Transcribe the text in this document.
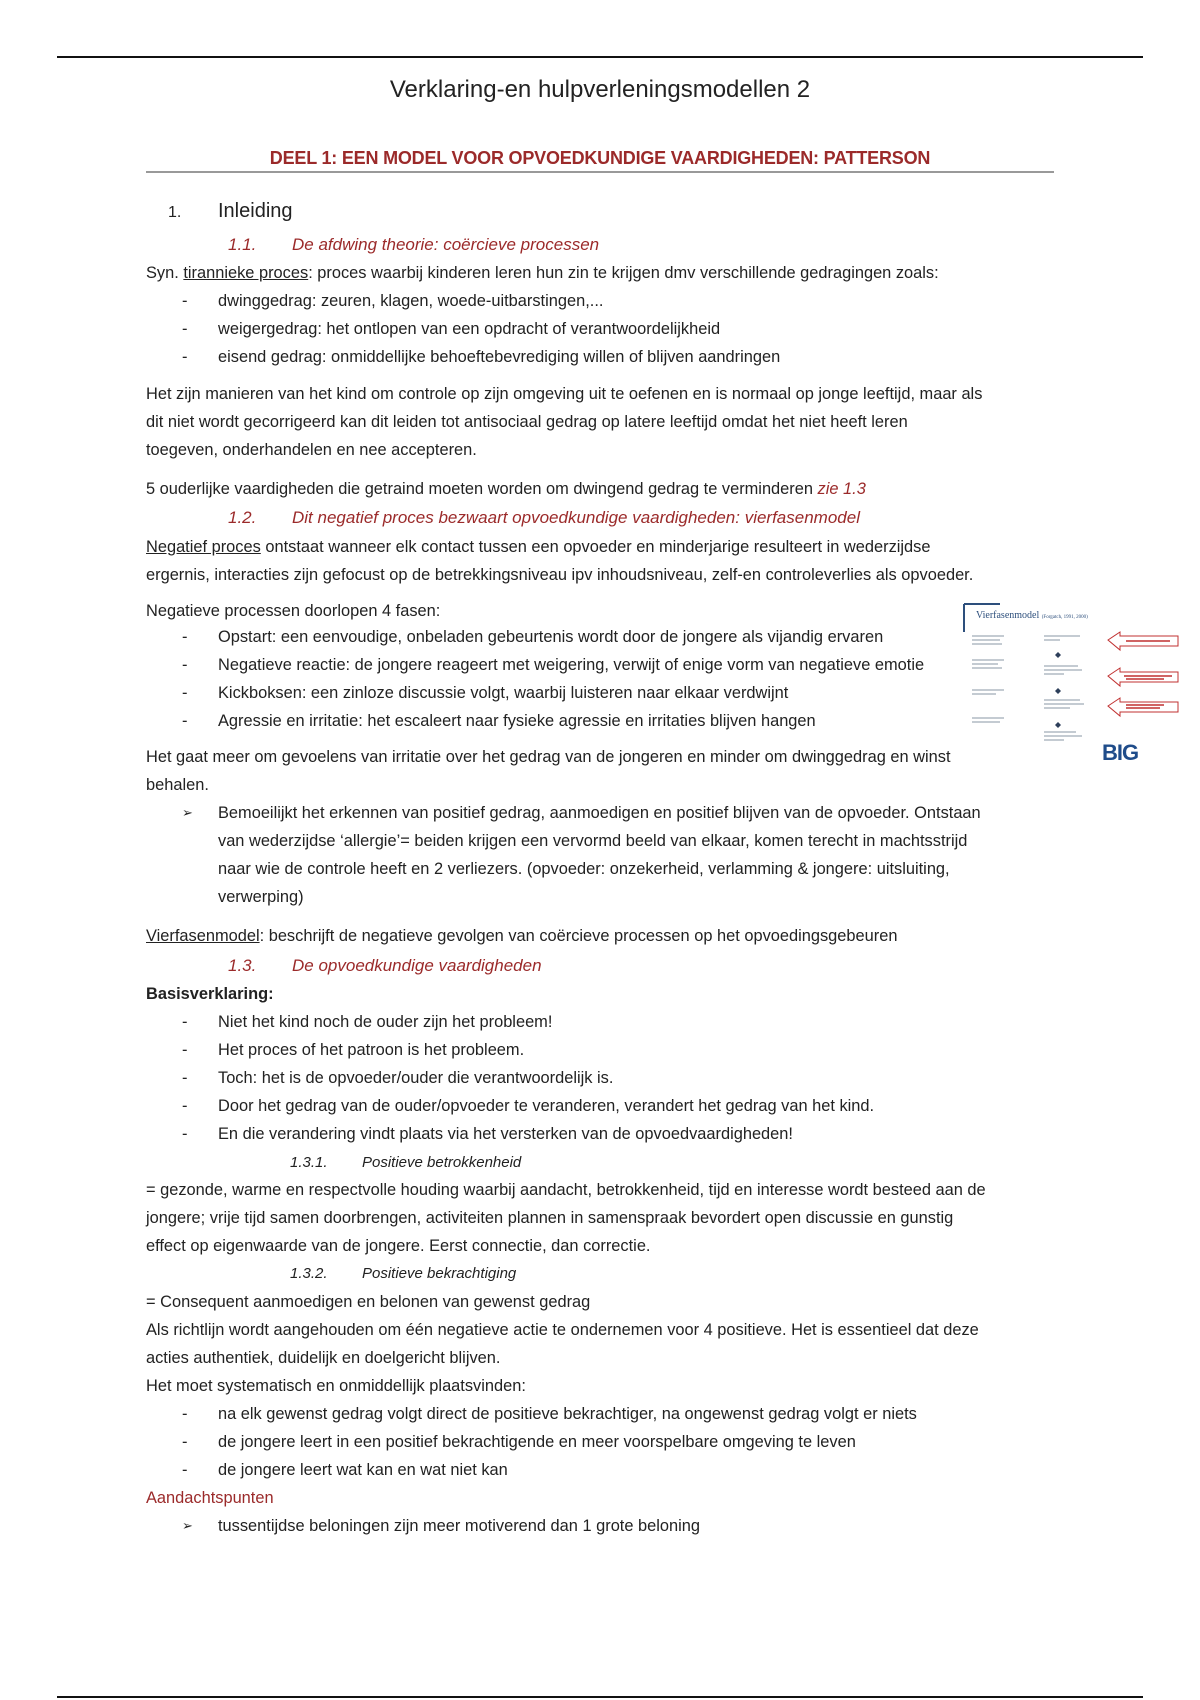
Verklaring-en hulpverleningsmodellen 2
DEEL 1: EEN MODEL VOOR OPVOEDKUNDIGE VAARDIGHEDEN: PATTERSON
1. Inleiding
1.1. De afdwing theorie: coërcieve processen
Syn. tirannieke proces: proces waarbij kinderen leren hun zin te krijgen dmv verschillende gedragingen zoals:
- dwinggedrag: zeuren, klagen, woede-uitbarstingen,...
- weigergedrag: het ontlopen van een opdracht of verantwoordelijkheid
- eisend gedrag: onmiddellijke behoeftebevrediging willen of blijven aandringen
Het zijn manieren van het kind om controle op zijn omgeving uit te oefenen en is normaal op jonge leeftijd, maar als
dit niet wordt gecorrigeerd kan dit leiden tot antisociaal gedrag op latere leeftijd omdat het niet heeft leren
toegeven, onderhandelen en nee accepteren.
5 ouderlijke vaardigheden die getraind moeten worden om dwingend gedrag te verminderen zie 1.3
1.2. Dit negatief proces bezwaart opvoedkundige vaardigheden: vierfasenmodel
Negatief proces ontstaat wanneer elk contact tussen een opvoeder en minderjarige resulteert in wederzijdse
ergernis, interacties zijn gefocust op de betrekkingsniveau ipv inhoudsniveau, zelf-en controleverlies als opvoeder.
Negatieve processen doorlopen 4 fasen:
- Opstart: een eenvoudige, onbeladen gebeurtenis wordt door de jongere als vijandig ervaren
- Negatieve reactie: de jongere reageert met weigering, verwijt of enige vorm van negatieve emotie
- Kickboksen: een zinloze discussie volgt, waarbij luisteren naar elkaar verdwijnt
- Agressie en irritatie: het escaleert naar fysieke agressie en irritaties blijven hangen
Vierfasenmodel (Forgatch, 1991, 2000)
BIG
Het gaat meer om gevoelens van irritatie over het gedrag van de jongeren en minder om dwinggedrag en winst
behalen.
➢ Bemoeilijkt het erkennen van positief gedrag, aanmoedigen en positief blijven van de opvoeder. Ontstaan
van wederzijdse ‘allergie’= beiden krijgen een vervormd beeld van elkaar, komen terecht in machtsstrijd
naar wie de controle heeft en 2 verliezers. (opvoeder: onzekerheid, verlamming & jongere: uitsluiting,
verwerping)
Vierfasenmodel: beschrijft de negatieve gevolgen van coërcieve processen op het opvoedingsgebeuren
1.3. De opvoedkundige vaardigheden
Basisverklaring:
- Niet het kind noch de ouder zijn het probleem!
- Het proces of het patroon is het probleem.
- Toch: het is de opvoeder/ouder die verantwoordelijk is.
- Door het gedrag van de ouder/opvoeder te veranderen, verandert het gedrag van het kind.
- En die verandering vindt plaats via het versterken van de opvoedvaardigheden!
1.3.1. Positieve betrokkenheid
= gezonde, warme en respectvolle houding waarbij aandacht, betrokkenheid, tijd en interesse wordt besteed aan de
jongere; vrije tijd samen doorbrengen, activiteiten plannen in samenspraak bevordert open discussie en gunstig
effect op eigenwaarde van de jongere. Eerst connectie, dan correctie.
1.3.2. Positieve bekrachtiging
= Consequent aanmoedigen en belonen van gewenst gedrag
Als richtlijn wordt aangehouden om één negatieve actie te ondernemen voor 4 positieve. Het is essentieel dat deze
acties authentiek, duidelijk en doelgericht blijven.
Het moet systematisch en onmiddellijk plaatsvinden:
- na elk gewenst gedrag volgt direct de positieve bekrachtiger, na ongewenst gedrag volgt er niets
- de jongere leert in een positief bekrachtigende en meer voorspelbare omgeving te leven
- de jongere leert wat kan en wat niet kan
Aandachtspunten
➢ tussentijdse beloningen zijn meer motiverend dan 1 grote beloning
